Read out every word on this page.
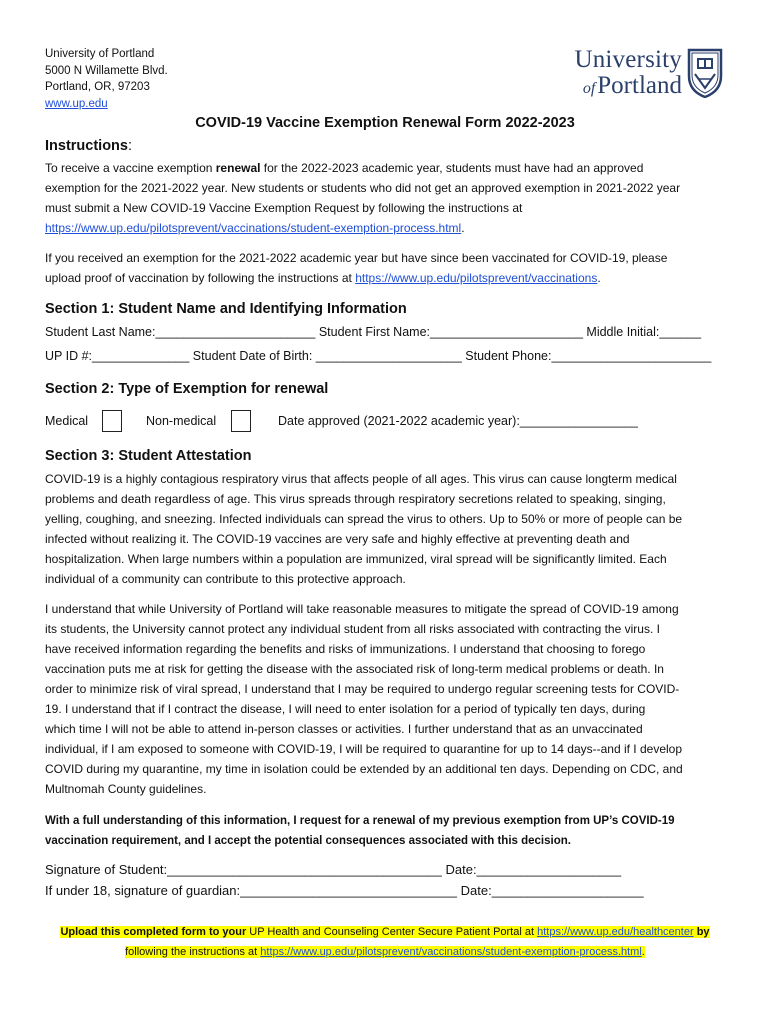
University of Portland
5000 N Willamette Blvd.
Portland, OR, 97203
www.up.edu
University
ofPortland
COVID-19 Vaccine Exemption Renewal Form 2022-2023
Instructions:
To receive a vaccine exemption renewal for the 2022-2023 academic year, students must have had an approved
exemption for the 2021-2022 year. New students or students who did not get an approved exemption in 2021-2022 year
must submit a New COVID-19 Vaccine Exemption Request by following the instructions at
https://www.up.edu/pilotsprevent/vaccinations/student-exemption-process.html.
If you received an exemption for the 2021-2022 academic year but have since been vaccinated for COVID-19, please
upload proof of vaccination by following the instructions at https://www.up.edu/pilotsprevent/vaccinations.
Section 1: Student Name and Identifying Information
Student Last Name:_______________________ Student First Name:______________________ Middle Initial:______
UP ID #:______________ Student Date of Birth: _____________________ Student Phone:_______________________
Section 2: Type of Exemption for renewal
Medical	Non-medical	Date approved (2021-2022 academic year):_________________
Section 3: Student Attestation
COVID-19 is a highly contagious respiratory virus that affects people of all ages. This virus can cause longterm medical
problems and death regardless of age. This virus spreads through respiratory secretions related to speaking, singing,
yelling, coughing, and sneezing. Infected individuals can spread the virus to others. Up to 50% or more of people can be
infected without realizing it. The COVID-19 vaccines are very safe and highly effective at preventing death and
hospitalization. When large numbers within a population are immunized, viral spread will be significantly limited. Each
individual of a community can contribute to this protective approach.
I understand that while University of Portland will take reasonable measures to mitigate the spread of COVID-19 among
its students, the University cannot protect any individual student from all risks associated with contracting the virus. I
have received information regarding the benefits and risks of immunizations. I understand that choosing to forego
vaccination puts me at risk for getting the disease with the associated risk of long-term medical problems or death. In
order to minimize risk of viral spread, I understand that I may be required to undergo regular screening tests for COVID-
19. I understand that if I contract the disease, I will need to enter isolation for a period of typically ten days, during
which time I will not be able to attend in-person classes or activities. I further understand that as an unvaccinated
individual, if I am exposed to someone with COVID-19, I will be required to quarantine for up to 14 days--and if I develop
COVID during my quarantine, my time in isolation could be extended by an additional ten days. Depending on CDC, and
Multnomah County guidelines.
With a full understanding of this information, I request for a renewal of my previous exemption from UP’s COVID-19
vaccination requirement, and I accept the potential consequences associated with this decision.
Signature of Student:______________________________________ Date:____________________
If under 18, signature of guardian:______________________________ Date:_____________________
Upload this completed form to your UP Health and Counseling Center Secure Patient Portal at https://www.up.edu/healthcenter by
following the instructions at https://www.up.edu/pilotsprevent/vaccinations/student-exemption-process.html.
